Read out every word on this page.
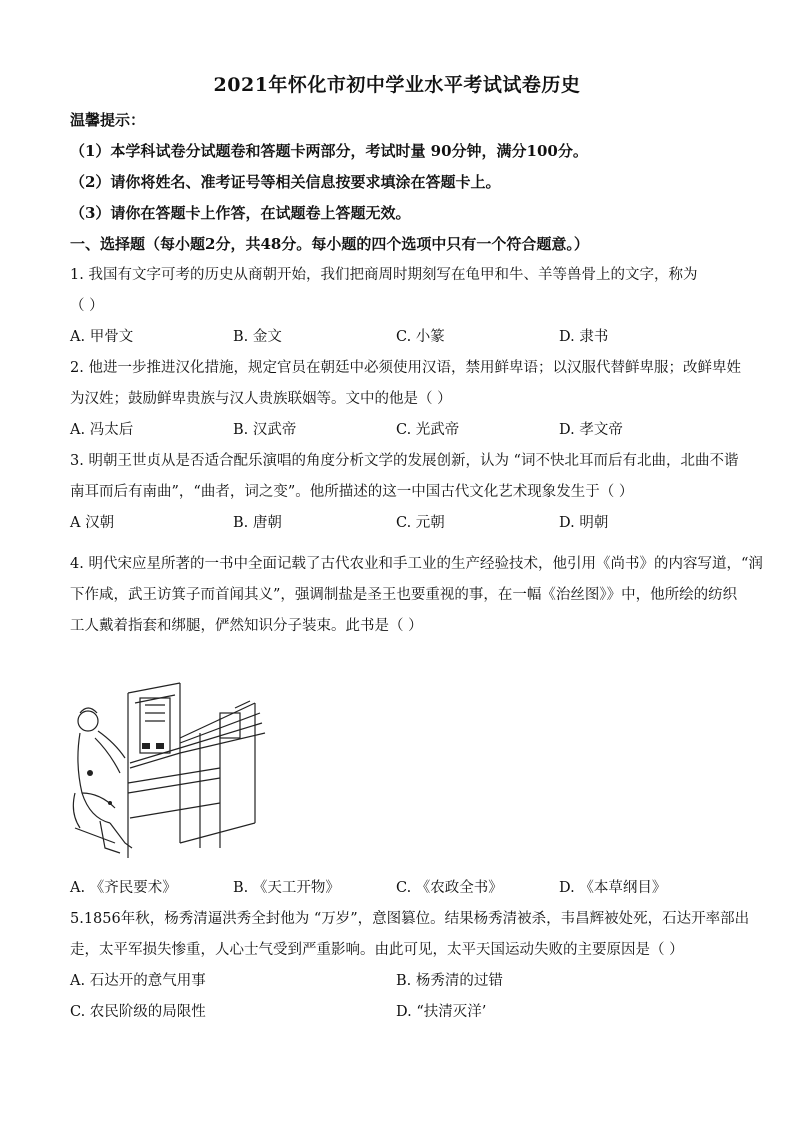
2021年怀化市初中学业水平考试试卷历史
温馨提示：
（1）本学科试卷分试题卷和答题卡两部分，考试时量 90分钟，满分100分。
（2）请你将姓名、准考证号等相关信息按要求填涂在答题卡上。
（3）请你在答题卡上作答，在试题卷上答题无效。
一、选择题（每小题2分，共48分。每小题的四个选项中只有一个符合题意。）
1. 我国有文字可考的历史从商朝开始，我们把商周时期刻写在龟甲和牛、羊等兽骨上的文字，称为
（ ）
A. 甲骨文	B. 金文	C. 小篆	D. 隶书
2. 他进一步推进汉化措施，规定官员在朝廷中必须使用汉语，禁用鲜卑语；以汉服代替鲜卑服；改鲜卑姓
为汉姓；鼓励鲜卑贵族与汉人贵族联姻等。文中的他是（ ）
A. 冯太后	B. 汉武帝	C. 光武帝	D. 孝文帝
3. 明朝王世贞从是否适合配乐演唱的角度分析文学的发展创新，认为 “词不快北耳而后有北曲，北曲不谐
南耳而后有南曲”，“曲者，词之变”。他所描述的这一中国古代文化艺术现象发生于（ ）
A 汉朝	B. 唐朝	C. 元朝	D. 明朝
4. 明代宋应星所著的一书中全面记载了古代农业和手工业的生产经验技术，他引用《尚书》的内容写道，“润
下作咸，武王访箕子而首闻其义”，强调制盐是圣王也要重视的事，在一幅《治丝图》》中，他所绘的纺织
工人戴着指套和绑腿，俨然知识分子装束。此书是（ ）
A. 《齐民要术》	B. 《天工开物》	C. 《农政全书》	D. 《本草纲目》
5.1856年秋，杨秀清逼洪秀全封他为 “万岁”，意图篡位。结果杨秀清被杀，韦昌辉被处死，石达开率部出
走，太平军损失惨重，人心士气受到严重影响。由此可见，太平天国运动失败的主要原因是（ ）
A. 石达开的意气用事	B. 杨秀清的过错
C. 农民阶级的局限性	D. “扶清灭洋’
